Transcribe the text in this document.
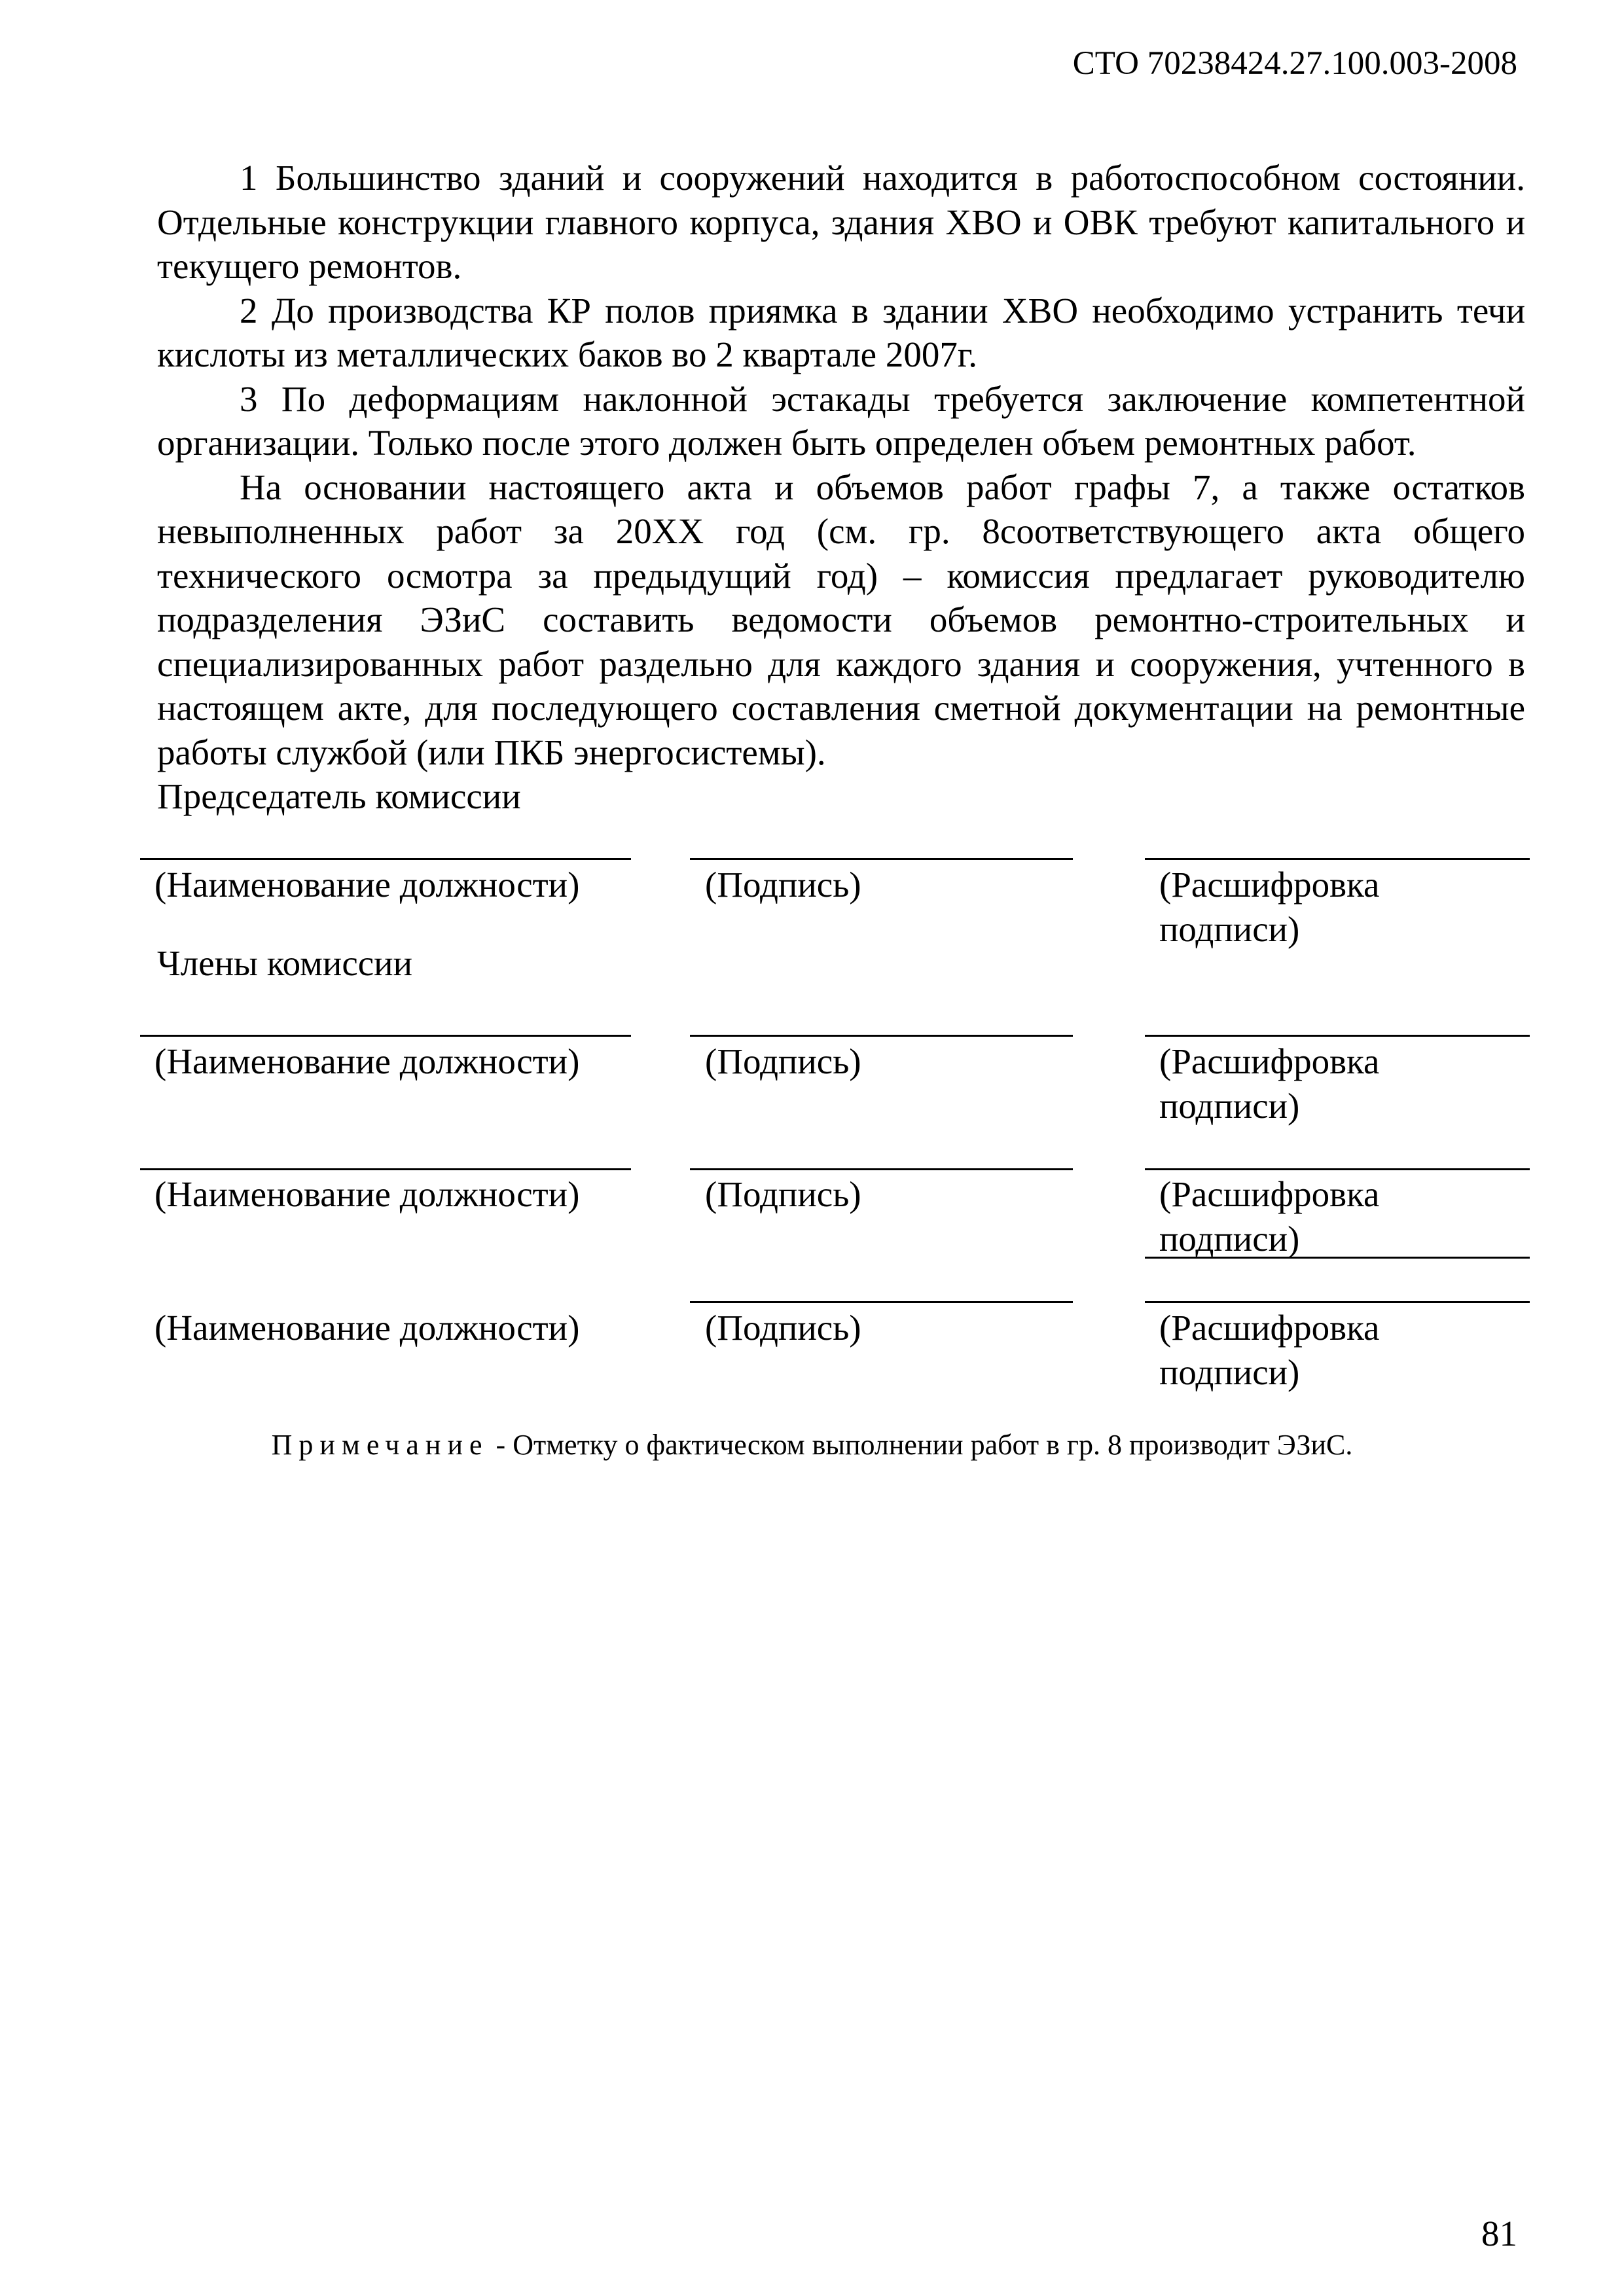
СТО 70238424.27.100.003-2008

1 Большинство зданий и сооружений находится в работоспособном состоянии. Отдельные конструкции главного корпуса, здания ХВО и ОВК требуют капитального и текущего ремонтов.

2 До производства КР полов приямка в здании ХВО необходимо устранить течи кислоты из металлических баков во 2 квартале 2007г.

3 По деформациям наклонной эстакады требуется заключение компетентной организации. Только после этого должен быть определен объем ремонтных работ.

На основании настоящего акта и объемов работ графы 7, а также остатков невыполненных работ за 20ХХ год (см. гр. 8соответствующего акта общего технического осмотра за предыдущий год) – комиссия предлагает руководителю подразделения ЭЗиС составить ведомости объемов ремонтно-строительных и специализированных работ раздельно для каждого здания и сооружения, учтенного в настоящем акте, для последующего составления сметной документации на ремонтные работы службой (или ПКБ энергосистемы).

Председатель комиссии

(Наименование должности)	(Подпись)	(Расшифровка
подписи)
Члены комиссии
(Наименование должности)	(Подпись)	(Расшифровка
подписи)
(Наименование должности)	(Подпись)	(Расшифровка
подписи)
(Наименование должности)	(Подпись)	(Расшифровка
подписи)
Примечание - Отметку о фактическом выполнении работ в гр. 8 производит ЭЗиС.
81
